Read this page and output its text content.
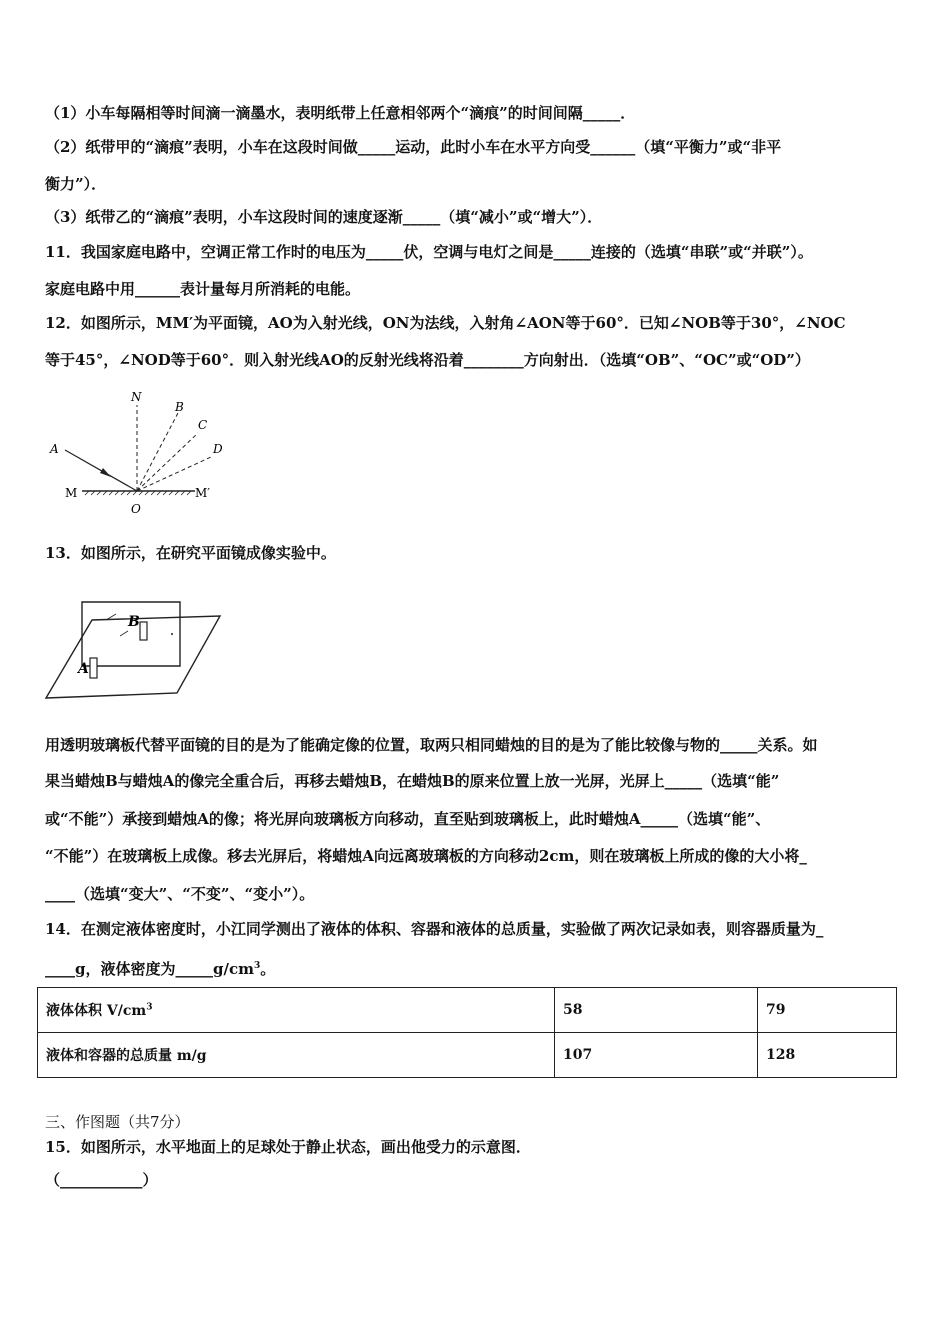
（1）小车每隔相等时间滴一滴墨水，表明纸带上任意相邻两个“滴痕”的时间间隔_____．
（2）纸带甲的“滴痕”表明，小车在这段时间做_____运动，此时小车在水平方向受______（填“平衡力”或“非平
衡力”）．
（3）纸带乙的“滴痕”表明，小车这段时间的速度逐渐_____（填“减小”或“增大”）．
11．我国家庭电路中，空调正常工作时的电压为_____伏，空调与电灯之间是_____连接的（选填“串联”或“并联”）。
家庭电路中用______表计量每月所消耗的电能。
12．如图所示，MM′为平面镜，AO为入射光线，ON为法线，入射角∠AON等于60°．已知∠NOB等于30°，∠NOC
等于45°，∠NOD等于60°．则入射光线AO的反射光线将沿着________方向射出．（选填“OB”、“OC”或“OD”）
N
B
C
D
A
M	M′
O
13．如图所示，在研究平面镜成像实验中。
B
A
用透明玻璃板代替平面镜的目的是为了能确定像的位置，取两只相同蜡烛的目的是为了能比较像与物的_____关系。如
果当蜡烛B与蜡烛A的像完全重合后，再移去蜡烛B，在蜡烛B的原来位置上放一光屏，光屏上_____（选填“能”
或“不能”）承接到蜡烛A的像；将光屏向玻璃板方向移动，直至贴到玻璃板上，此时蜡烛A_____（选填“能”、
“不能”）在玻璃板上成像。移去光屏后，将蜡烛A向远离玻璃板的方向移动2cm，则在玻璃板上所成的像的大小将_
____（选填“变大”、“不变”、“变小”）。
14．在测定液体密度时，小江同学测出了液体的体积、容器和液体的总质量，实验做了两次记录如表，则容器质量为_
____g，液体密度为$\_\_\_\_\_g/cm^3$。
液体体积 $V/cm^3$	58	79
液体和容器的总质量 m/g	107	128
三、作图题（共7分）
15．如图所示，水平地面上的足球处于静止状态，画出他受力的示意图．
（___________）
